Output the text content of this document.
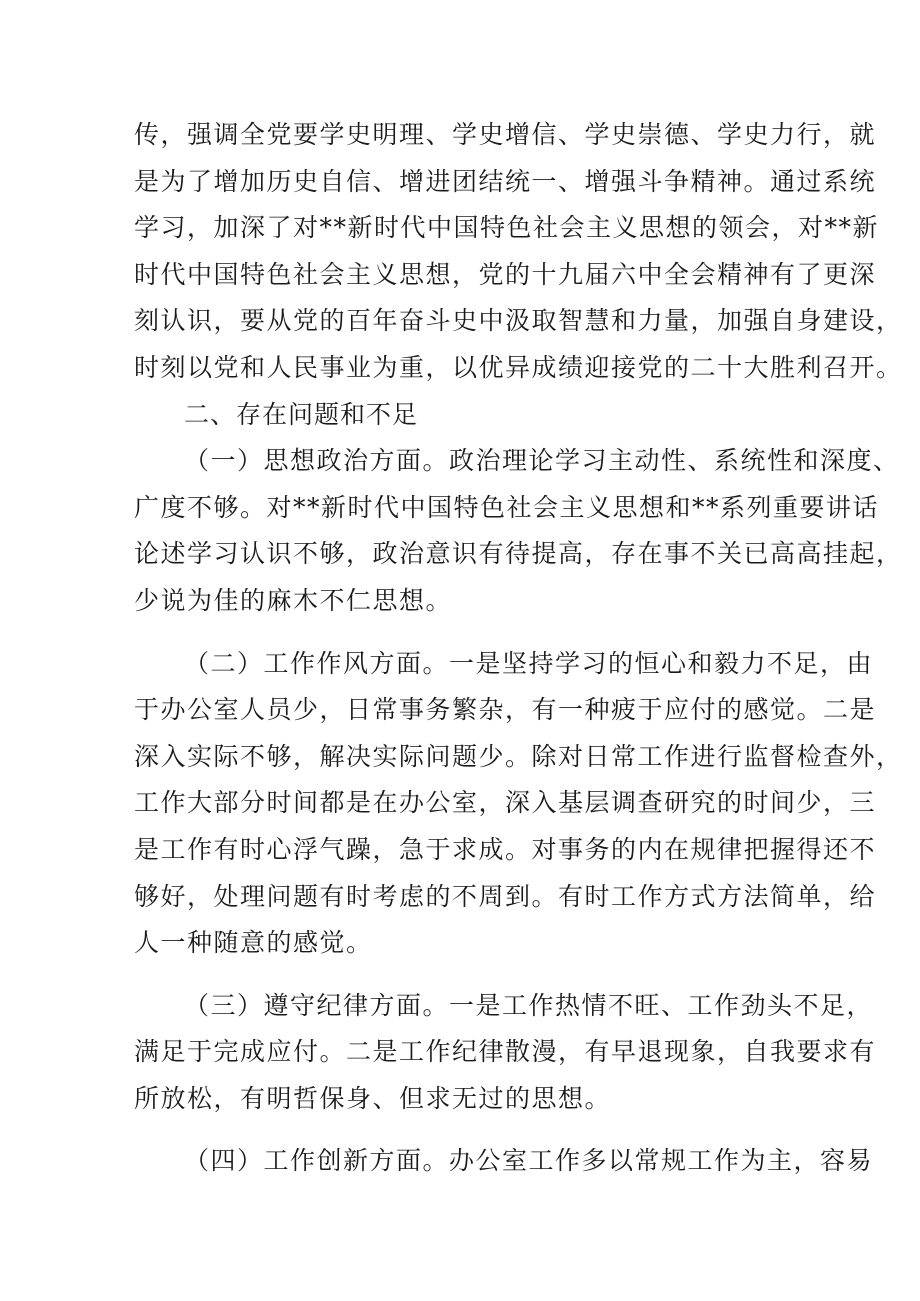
传，强调全党要学史明理、学史增信、学史崇德、学史力行，就
是为了增加历史自信、增进团结统一、增强斗争精神。通过系统
学习，加深了对**新时代中国特色社会主义思想的领会，对**新
时代中国特色社会主义思想，党的十九届六中全会精神有了更深
刻认识，要从党的百年奋斗史中汲取智慧和力量，加强自身建设，
时刻以党和人民事业为重，以优异成绩迎接党的二十大胜利召开。
二、存在问题和不足
（一）思想政治方面。政治理论学习主动性、系统性和深度、
广度不够。对**新时代中国特色社会主义思想和**系列重要讲话
论述学习认识不够，政治意识有待提高，存在事不关已高高挂起，
少说为佳的麻木不仁思想。
（二）工作作风方面。一是坚持学习的恒心和毅力不足，由
于办公室人员少，日常事务繁杂，有一种疲于应付的感觉。二是
深入实际不够，解决实际问题少。除对日常工作进行监督检查外，
工作大部分时间都是在办公室，深入基层调查研究的时间少，三
是工作有时心浮气躁，急于求成。对事务的内在规律把握得还不
够好，处理问题有时考虑的不周到。有时工作方式方法简单，给
人一种随意的感觉。
（三）遵守纪律方面。一是工作热情不旺、工作劲头不足，
满足于完成应付。二是工作纪律散漫，有早退现象，自我要求有
所放松，有明哲保身、但求无过的思想。
（四）工作创新方面。办公室工作多以常规工作为主，容易
